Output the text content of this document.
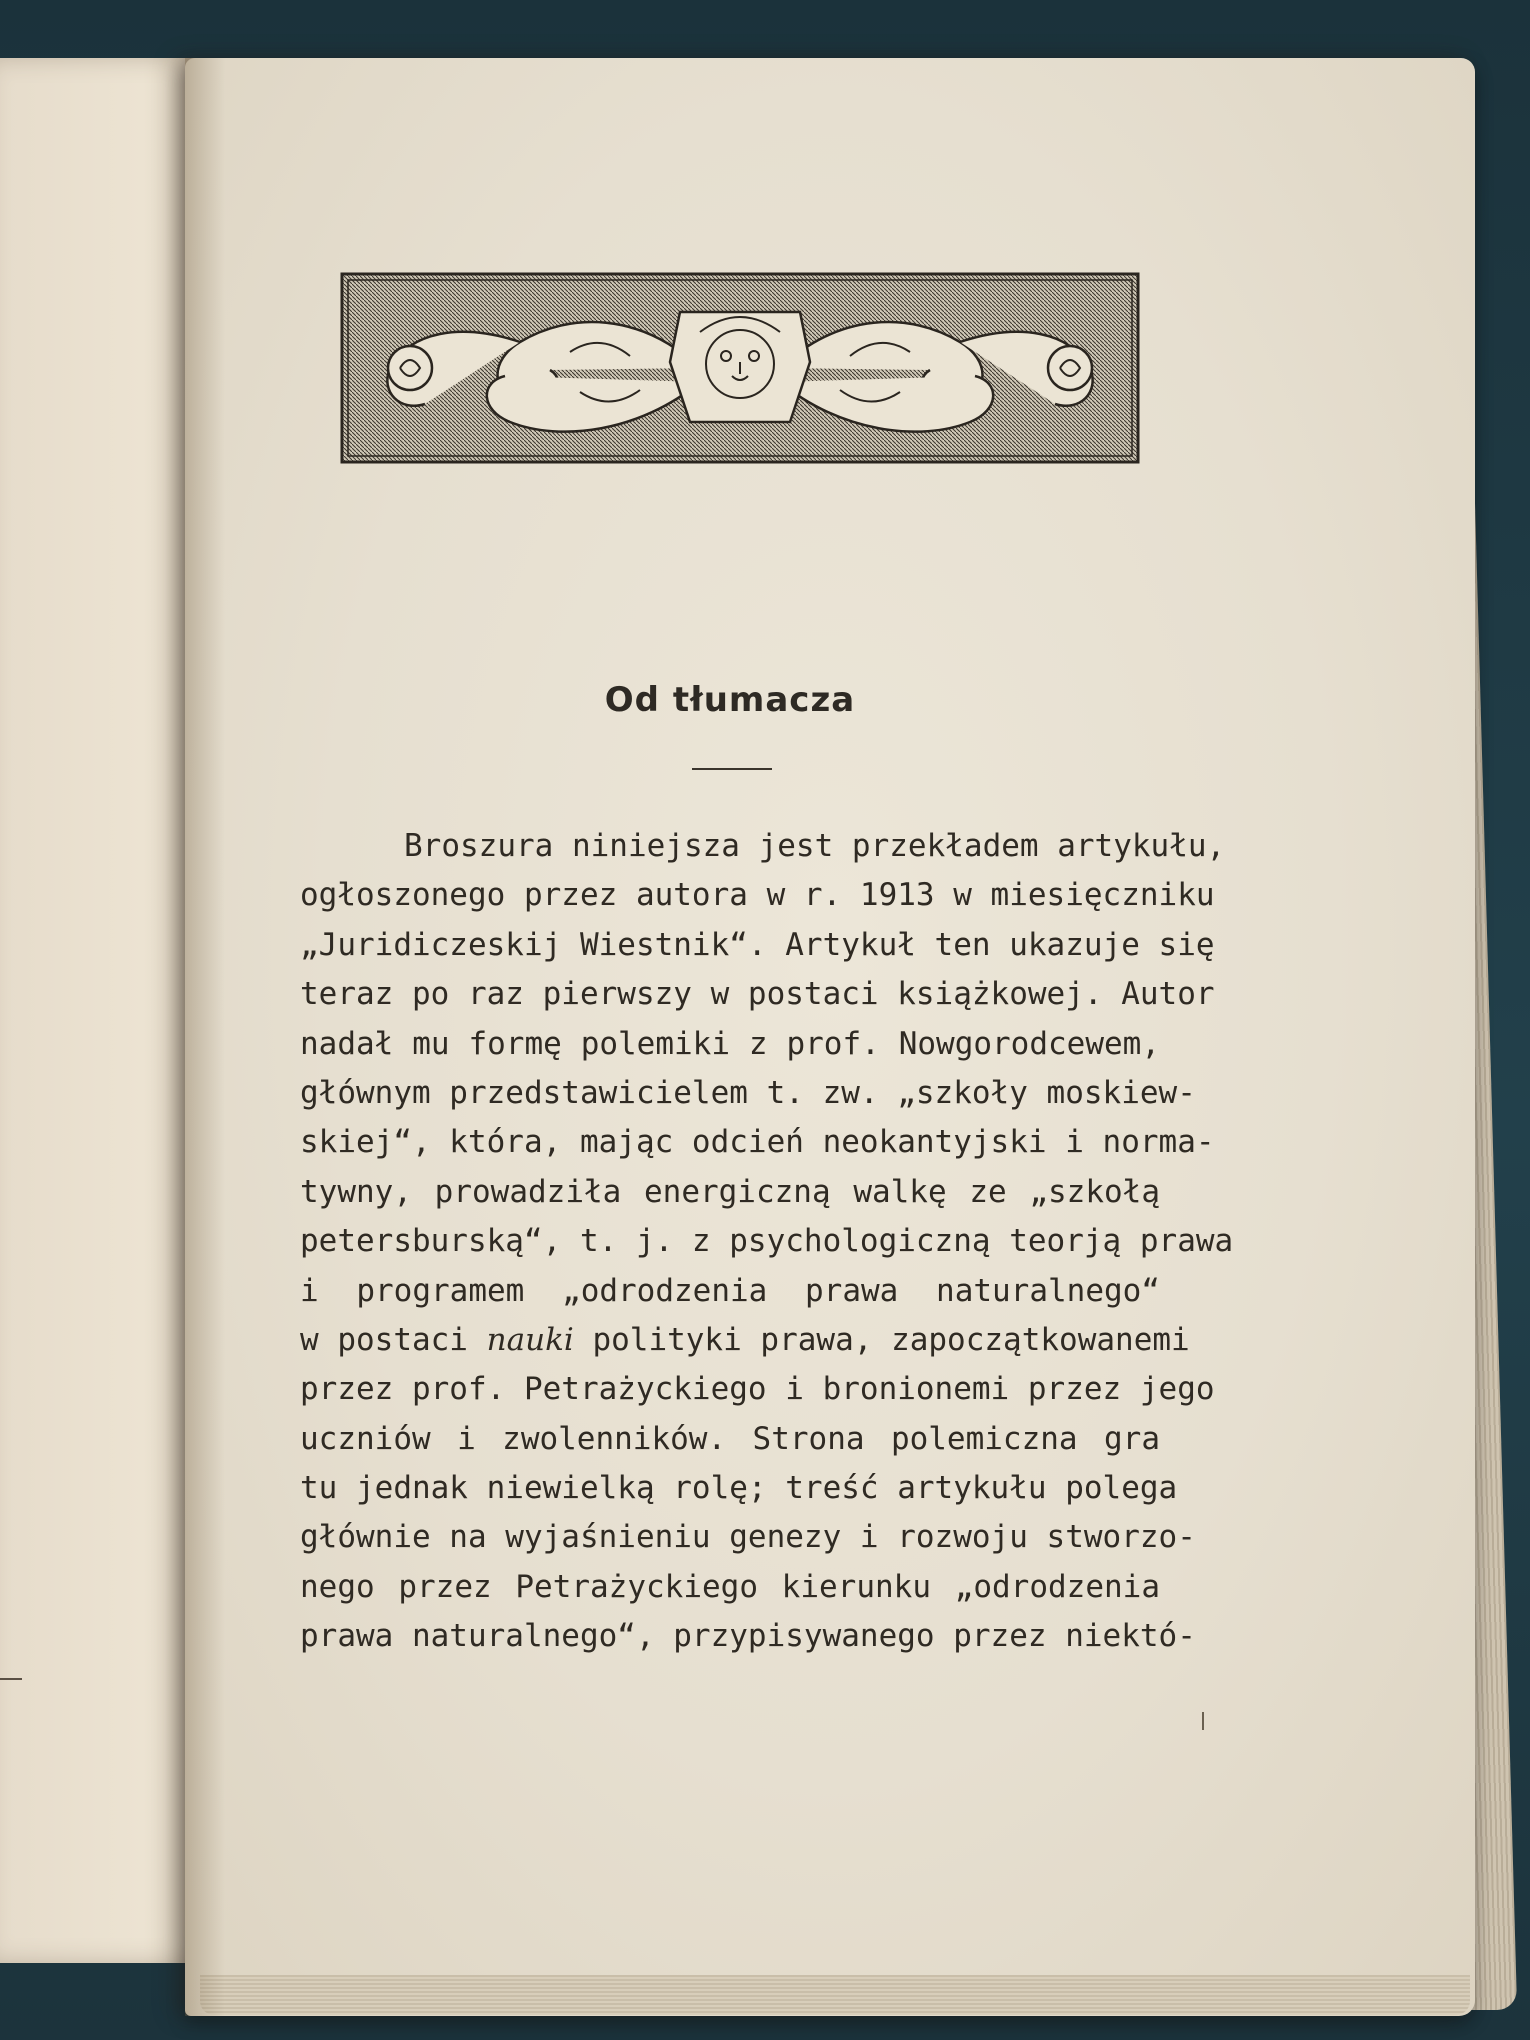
Od tłumacza
Broszura niniejsza jest przekładem artykułu,
ogłoszonego przez autora w r. 1913 w miesięczniku
„Juridiczeskij Wiestnik“. Artykuł ten ukazuje się
teraz po raz pierwszy w postaci książkowej. Autor
nadał mu formę polemiki z prof. Nowgorodcewem,
głównym przedstawicielem t. zw. „szkoły moskiew-
skiej“, która, mając odcień neokantyjski i norma-
tywny, prowadziła energiczną walkę ze „szkołą
petersburską“, t. j. z psychologiczną teorją prawa
i programem „odrodzenia prawa naturalnego“
w postaci nauki polityki prawa, zapoczątkowanemi
przez prof. Petrażyckiego i bronionemi przez jego
uczniów i zwolenników. Strona polemiczna gra
tu jednak niewielką rolę; treść artykułu polega
głównie na wyjaśnieniu genezy i rozwoju stworzo-
nego przez Petrażyckiego kierunku „odrodzenia
prawa naturalnego“, przypisywanego przez niektó-
